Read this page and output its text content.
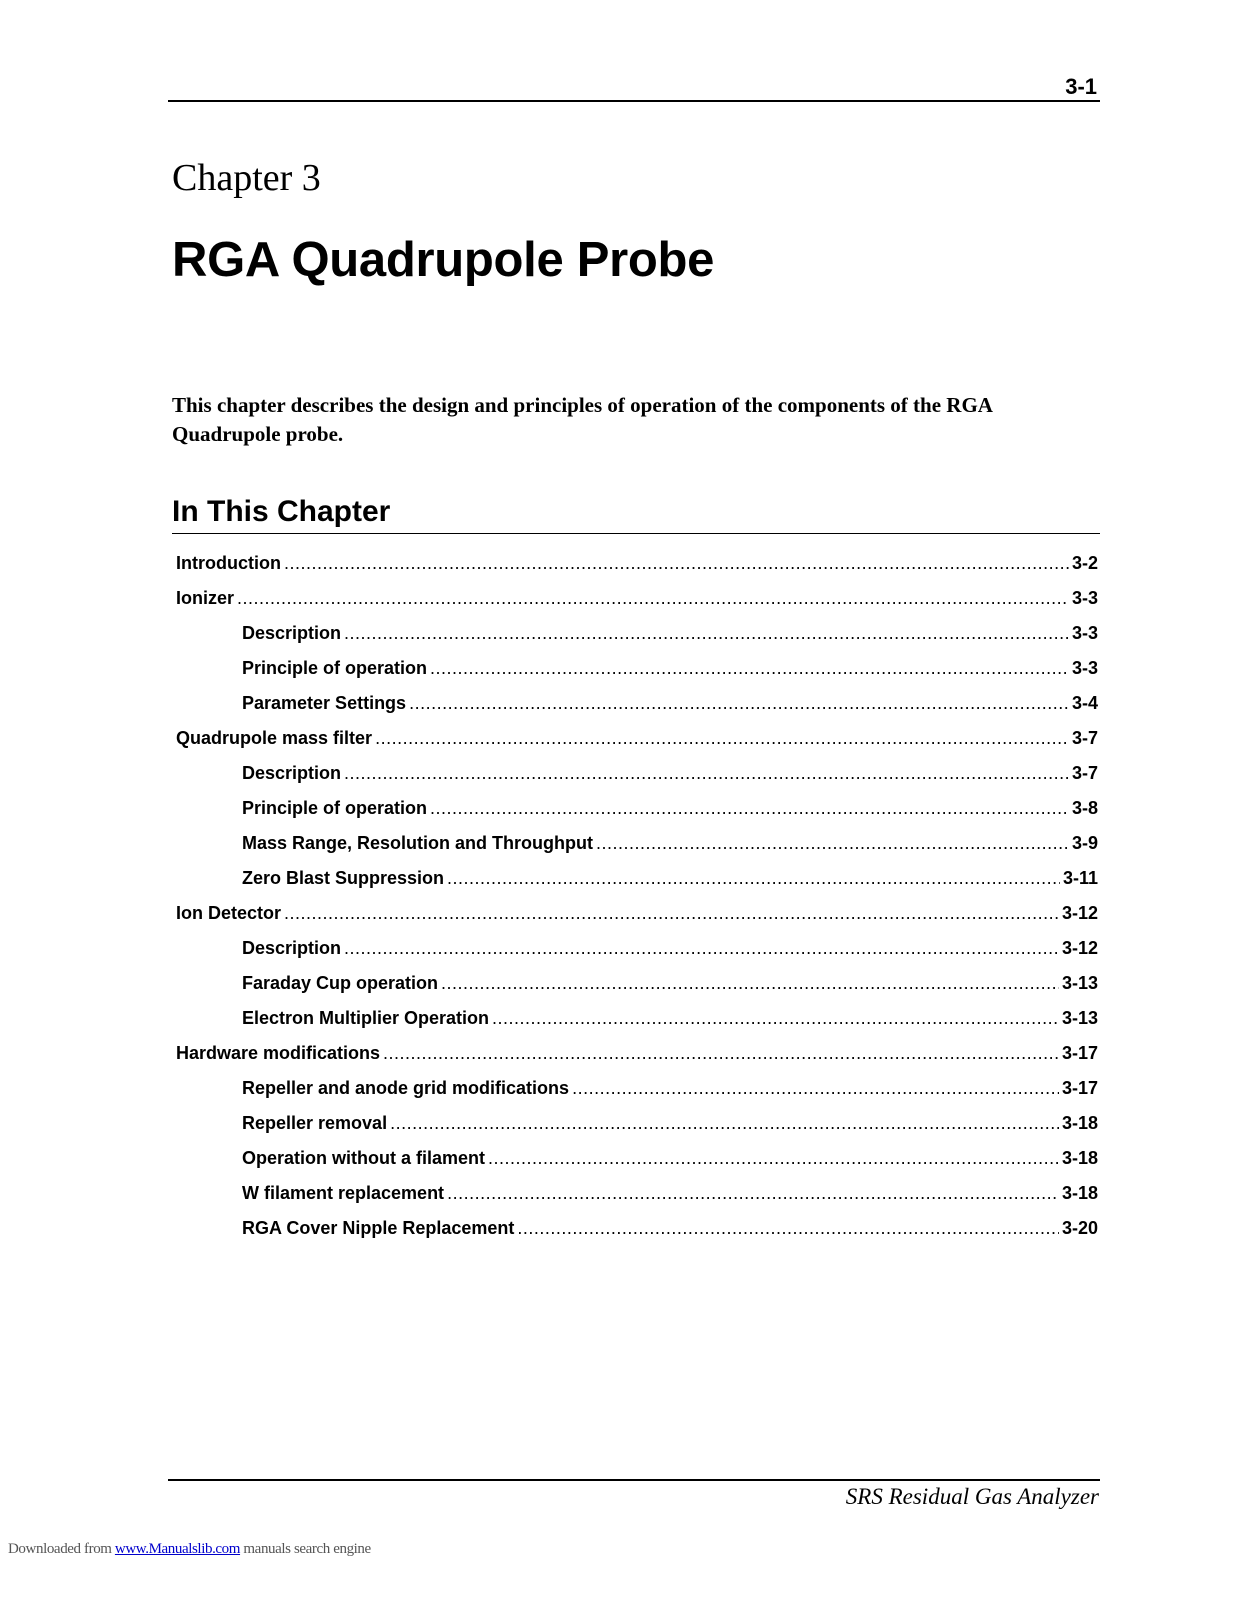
3-1
Chapter 3
RGA Quadrupole Probe
This chapter describes the design and principles of operation of the components of the RGA Quadrupole probe.
In This Chapter
Introduction .....	3-2
Ionizer .....	3-3
Description .....	3-3
Principle of operation .....	3-3
Parameter Settings .....	3-4
Quadrupole mass filter .....	3-7
Description .....	3-7
Principle of operation .....	3-8
Mass Range, Resolution and Throughput .....	3-9
Zero Blast Suppression .....	3-11
Ion Detector .....	3-12
Description .....	3-12
Faraday Cup operation .....	3-13
Electron Multiplier Operation .....	3-13
Hardware modifications .....	3-17
Repeller and anode grid modifications .....	3-17
Repeller removal .....	3-18
Operation without a filament .....	3-18
W filament replacement .....	3-18
RGA Cover Nipple Replacement .....	3-20
SRS Residual Gas Analyzer
Downloaded from www.Manualslib.com manuals search engine
